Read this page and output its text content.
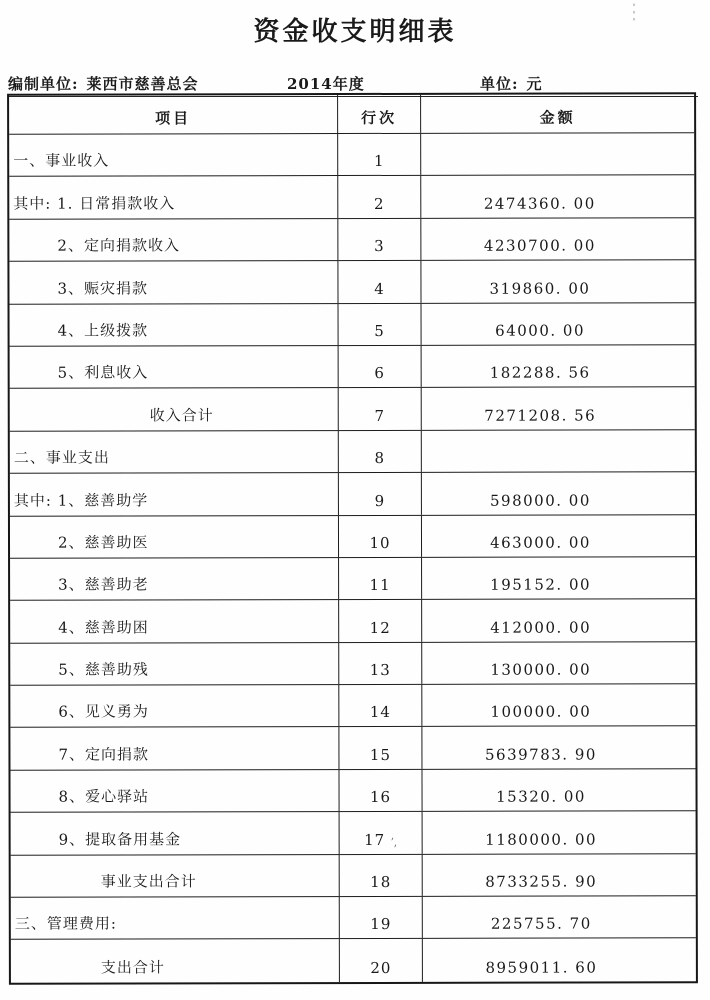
⋮
资金收支明细表
编制单位: 莱西市慈善总会	2014年度	单位: 元
项目	行次	金额
一、事业收入	1
其中: 1. 日常捐款收入	2	2474360. 00
2、定向捐款收入	3	4230700. 00
3、赈灾捐款	4	319860. 00
4、上级拨款	5	64000. 00
5、利息收入	6	182288. 56
收入合计	7	7271208. 56
二、事业支出	8
其中: 1、慈善助学	9	598000. 00
2、慈善助医	10	463000. 00
3、慈善助老	11	195152. 00
4、慈善助困	12	412000. 00
5、慈善助残	13	130000. 00
6、见义勇为	14	100000. 00
7、定向捐款	15	5639783. 90
8、爱心驿站	16	15320. 00
9、提取备用基金	17 ʼ,	1180000. 00
事业支出合计	18	8733255. 90
三、管理费用:	19	225755. 70
支出合计	20	8959011. 60
